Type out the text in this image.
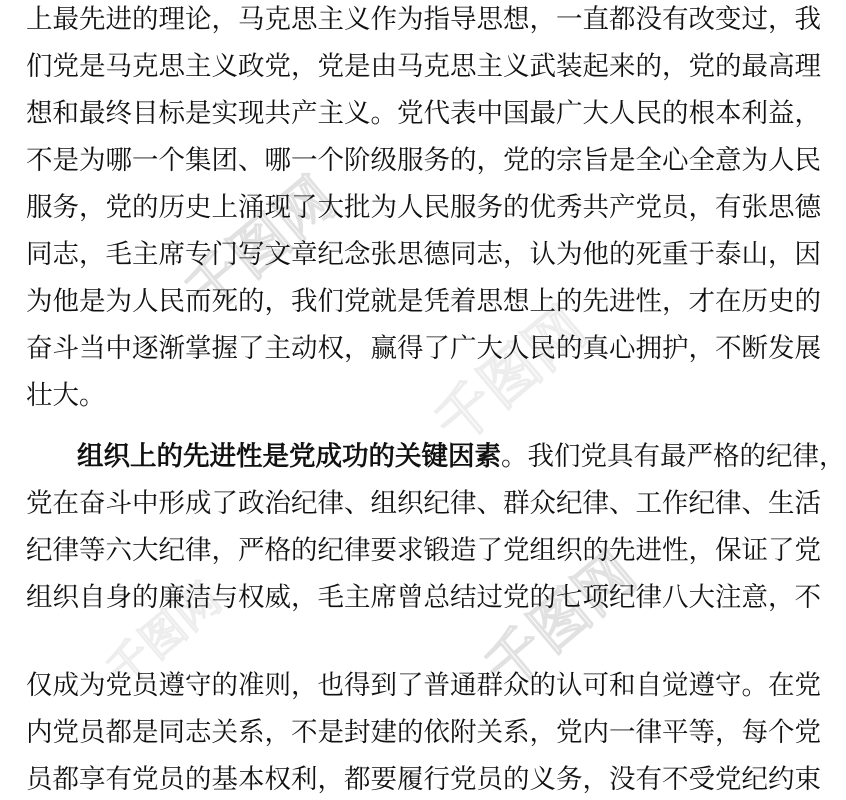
千图网
千图网
千图网
千图网
上最先进的理论，马克思主义作为指导思想，一直都没有改变过，我
们党是马克思主义政党，党是由马克思主义武装起来的，党的最高理
想和最终目标是实现共产主义。党代表中国最广大人民的根本利益，
不是为哪一个集团、哪一个阶级服务的，党的宗旨是全心全意为人民
服务，党的历史上涌现了大批为人民服务的优秀共产党员，有张思德
同志，毛主席专门写文章纪念张思德同志，认为他的死重于泰山，因
为他是为人民而死的，我们党就是凭着思想上的先进性，才在历史的
奋斗当中逐渐掌握了主动权，赢得了广大人民的真心拥护，不断发展
壮大。
组织上的先进性是党成功的关键因素。我们党具有最严格的纪律，
党在奋斗中形成了政治纪律、组织纪律、群众纪律、工作纪律、生活
纪律等六大纪律，严格的纪律要求锻造了党组织的先进性，保证了党
组织自身的廉洁与权威，毛主席曾总结过党的七项纪律八大注意，不
仅成为党员遵守的准则，也得到了普通群众的认可和自觉遵守。在党
内党员都是同志关系，不是封建的依附关系，党内一律平等，每个党
员都享有党员的基本权利，都要履行党员的义务，没有不受党纪约束
